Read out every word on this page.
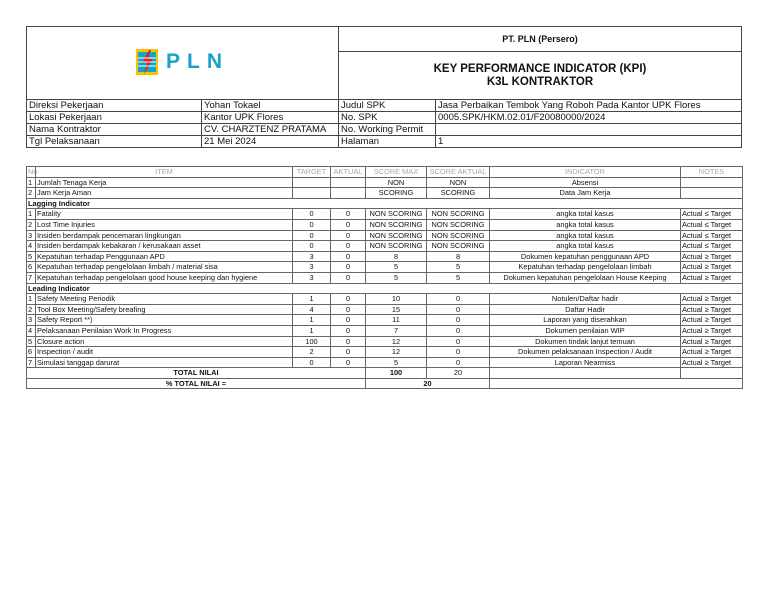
PLN		PT. PLN (Persero)	

		KEY PERFORMANCE INDICATOR (KPI)
K3L KONTRAKTOR	

Direksi Pekerjaan	Yohan Tokael	Judul SPK	Jasa Perbaikan Tembok Yang Roboh Pada Kantor UPK Flores
Lokasi Pekerjaan	Kantor UPK Flores	No. SPK	0005.SPK/HKM.02.01/F20080000/2024
Nama Kontraktor	CV. CHARZTENZ PRATAMA	No. Working Permit	
Tgl Pelaksanaan	21 Mei 2024	Halaman	1
No	ITEM	TARGET	AKTUAL	SCORE MAX	SCORE AKTUAL	INDICATOR	NOTES
1	Jumlah Tenaga Kerja			NON	NON	Absensi	
2	Jam Kerja Aman			SCORING	SCORING	Data Jam Kerja	
Lagging Indicator							
1	Fatality	0	0	NON SCORING	NON SCORING	angka total kasus	Actual ≤ Target
2	Lost Time Injuries	0	0	NON SCORING	NON SCORING	angka total kasus	Actual ≤ Target
3	Insiden berdampak pencemaran lingkungan	0	0	NON SCORING	NON SCORING	angka total kasus	Actual ≤ Target
4	Insiden berdampak kebakaran / kerusakaan asset	0	0	NON SCORING	NON SCORING	angka total kasus	Actual ≤ Target
5	Kepatuhan terhadap Penggunaan APD	3	0	8	8	Dokumen kepatuhan penggunaan APD	Actual ≥ Target
6	Kepatuhan terhadap pengelolaan limbah / material sisa	3	0	5	5	Kepatuhan terhadap pengelolaan limbah	Actual ≥ Target
7	Kepatuhan terhadap pengelolaan good house keeping dan hygiene	3	0	5	5	Dokumen kepatuhan pengelolaan House Keeping	Actual ≥ Target
Leading Indicator							
1	Safety Meeting Periodik	1	0	10	0	Notulen/Daftar hadir	Actual ≥ Target
2	Tool Box Meeting/Safety breafing	4	0	15	0	Daftar Hadir	Actual ≥ Target
3	Safety Report **)	1	0	11	0	Laporan yang diserahkan	Actual ≥ Target
4	Pelaksanaan Penilaian Work In Progress	1	0	7	0	Dokumen penilaian WIP	Actual ≥ Target
5	Closure action	100	0	12	0	Dokumen tindak lanjut temuan	Actual ≥ Target
6	Inspection / audit	2	0	12	0	Dokumen pelaksanaan Inspection / Audit	Actual ≥ Target
7	Simulasi tanggap darurat	0	0	5	0	Laporan Nearmiss	Actual ≥ Target
TOTAL NILAI				100	20		
% TOTAL NILAI =				20			
